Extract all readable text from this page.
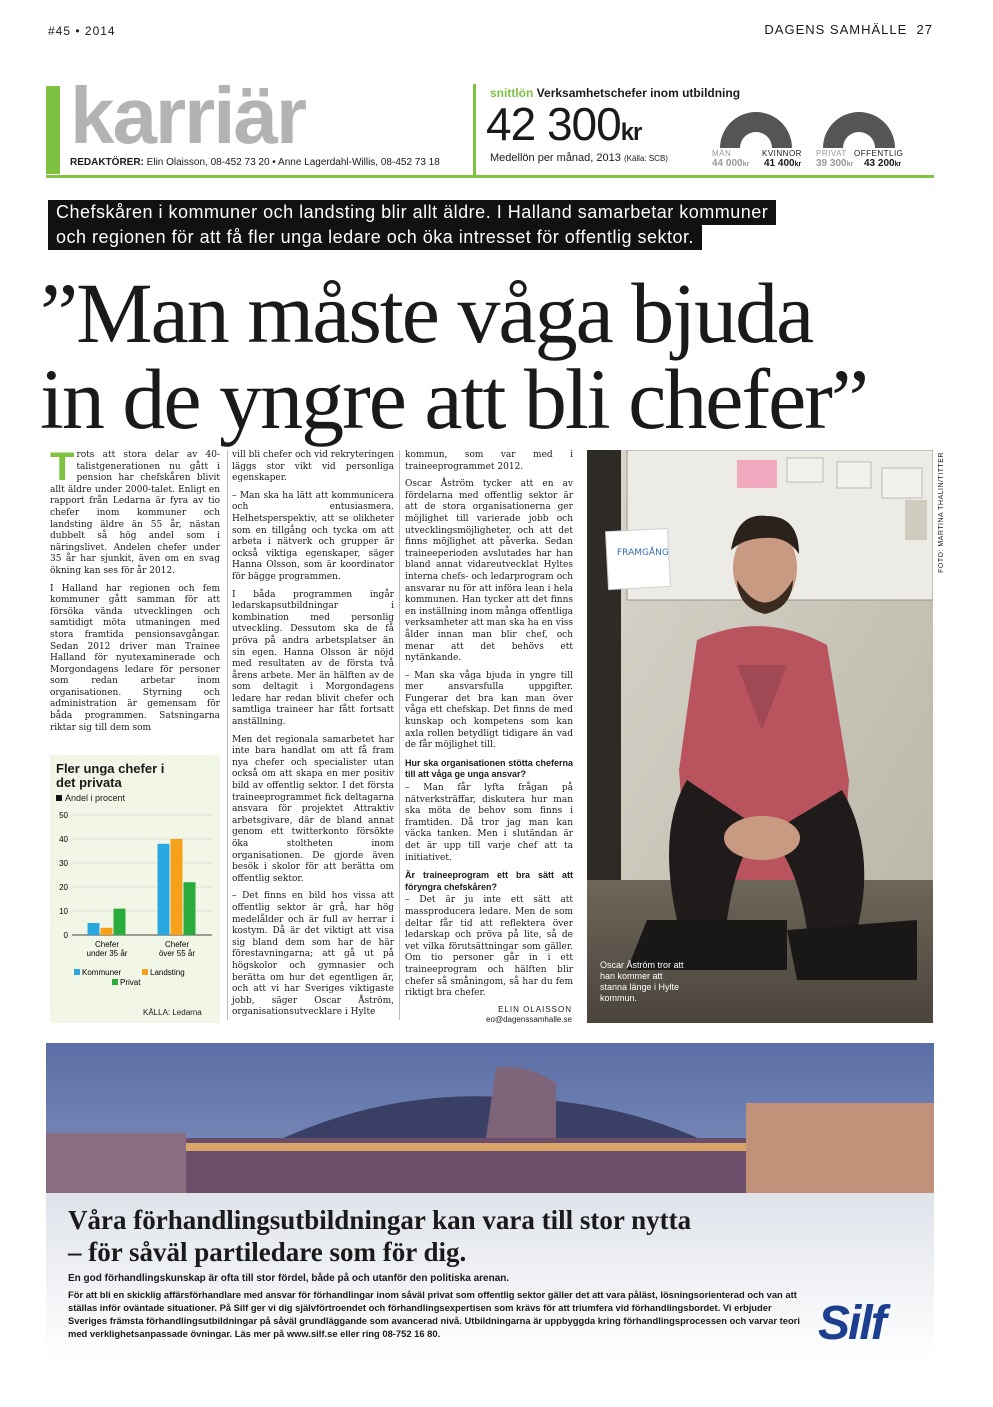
#45 • 2014	DAGENS SAMHÄLLE 27
karriär
REDAKTÖRER: Elin Olaisson, 08-452 73 20 • Anne Lagerdahl-Willis, 08-452 73 18
snittlön Verksamhetschefer inom utbildning
42 300kr
Medellön per månad, 2013 (Källa: SCB)
MÄN	KVINNOR
44 000kr 41 400kr
PRIVAT OFFENTLIG
39 300kr 43 200kr
Chefskåren i kommuner och landsting blir allt äldre. I Halland samarbetar kommuner
och regionen för att få fler unga ledare och öka intresset för offentlig sektor.
”Man måste våga bjuda
in de yngre att bli chefer”

Trots att stora delar av 40-talistgenerationen nu gått i pension har chefskåren blivit allt äldre under 2000-talet. Enligt en rapport från Ledarna är fyra av tio chefer inom kommuner och landsting äldre än 55 år, nästan dubbelt så hög andel som i näringslivet. Andelen chefer under 35 år har sjunkit, även om en svag ökning kan ses för år 2012.

I Halland har regionen och fem kommuner gått samman för att försöka vända utvecklingen och samtidigt möta utmaningen med stora framtida pensionsavgångar. Sedan 2012 driver man Trainee Halland för nyutexaminerade och Morgondagens ledare för personer som redan arbetar inom organisationen. Styrning och administration är gemensam för båda programmen. Satsningarna riktar sig till dem som

Fler unga chefer i det privata
Andel i procent
0
10
20
30
40
50
Chefer
under 35 år
Chefer
över 55 år
Kommuner	Landsting
Privat
KÄLLA: Ledarna

vill bli chefer och vid rekryteringen läggs stor vikt vid personliga egenskaper.

– Man ska ha lätt att kommunicera och entusiasmera. Helhetsperspektiv, att se olikheter som en tillgång och tycka om att arbeta i nätverk och grupper är också viktiga egenskaper, säger Hanna Olsson, som är koordinator för bägge programmen.

I båda programmen ingår ledarskapsutbildningar i kombination med personlig utveckling. Dessutom ska de få pröva på andra arbetsplatser än sin egen. Hanna Olsson är nöjd med resultaten av de första två årens arbete. Mer än hälften av de som deltagit i Morgondagens ledare har redan blivit chefer och samtliga traineer har fått fortsatt anställning.

Men det regionala samarbetet har inte bara handlat om att få fram nya chefer och specialister utan också om att skapa en mer positiv bild av offentlig sektor. I det första traineeprogrammet fick deltagarna ansvara för projektet Attraktiv arbetsgivare, där de bland annat genom ett twitterkonto försökte öka stoltheten inom organisationen. De gjorde även besök i skolor för att berätta om offentlig sektor.

– Det finns en bild hos vissa att offentlig sektor är grå, har hög medelålder och är full av herrar i kostym. Då är det viktigt att visa sig bland dem som har de här förestavningarna; att gå ut på högskolor och gymnasier och berätta om hur det egentligen är, och att vi har Sveriges viktigaste jobb, säger Oscar Åström, organisationsutvecklare i Hylte

kommun, som var med i traineeprogrammet 2012.

Oscar Åström tycker att en av fördelarna med offentlig sektor är att de stora organisationerna ger möjlighet till varierade jobb och utvecklingsmöjligheter, och att det finns möjlighet att påverka. Sedan traineeperioden avslutades har han bland annat vidareutvecklat Hyltes interna chefs- och ledarprogram och ansvarar nu för att införa lean i hela kommunen. Han tycker att det finns en inställning inom många offentliga verksamheter att man ska ha en viss ålder innan man blir chef, och menar att det behövs ett nytänkande.

– Man ska våga bjuda in yngre till mer ansvarsfulla uppgifter. Fungerar det bra kan man över våga ett chefskap. Det finns de med kunskap och kompetens som kan axla rollen betydligt tidigare än vad de får möjlighet till.

Hur ska organisationen stötta cheferna till att våga ge unga ansvar?

– Man får lyfta frågan på nätverksträffar, diskutera hur man ska möta de behov som finns i framtiden. Då tror jag man kan väcka tanken. Men i slutändan är det är upp till varje chef att ta initiativet.

Är traineeprogram ett bra sätt att föryngra chefskåren?

– Det är ju inte ett sätt att massproducera ledare. Men de som deltar får tid att reflektera över ledarskap och pröva på lite, så de vet vilka förutsättningar som gäller. Om tio personer går in i ett traineeprogram och hälften blir chefer så småningom, så har du fem riktigt bra chefer.

ELIN OLAISSON
eo@dagenssamhalle.se
FRAMGÅNG
Oscar Åström tror att han kommer att stanna länge i Hylte kommun.
FOTO: MARTINA THALIN/TITTER
Våra förhandlingsutbildningar kan vara till stor nytta
– för såväl partiledare som för dig.
En god förhandlingskunskap är ofta till stor fördel, både på och utanför den politiska arenan.
För att bli en skicklig affärsförhandlare med ansvar för förhandlingar inom såväl privat som offentlig sektor gäller det att vara påläst, lösningsorienterad och van att ställas inför oväntade situationer. På Silf ger vi dig självförtroendet och förhandlingsexpertisen som krävs för att triumfera vid förhandlingsbordet. Vi erbjuder Sveriges främsta förhandlingsutbildningar på såväl grundläggande som avancerad nivå. Utbildningarna är uppbyggda kring förhandlingsprocessen och varvar teori med verklighetsanpassade övningar. Läs mer på www.silf.se eller ring 08-752 16 80.	Silf
